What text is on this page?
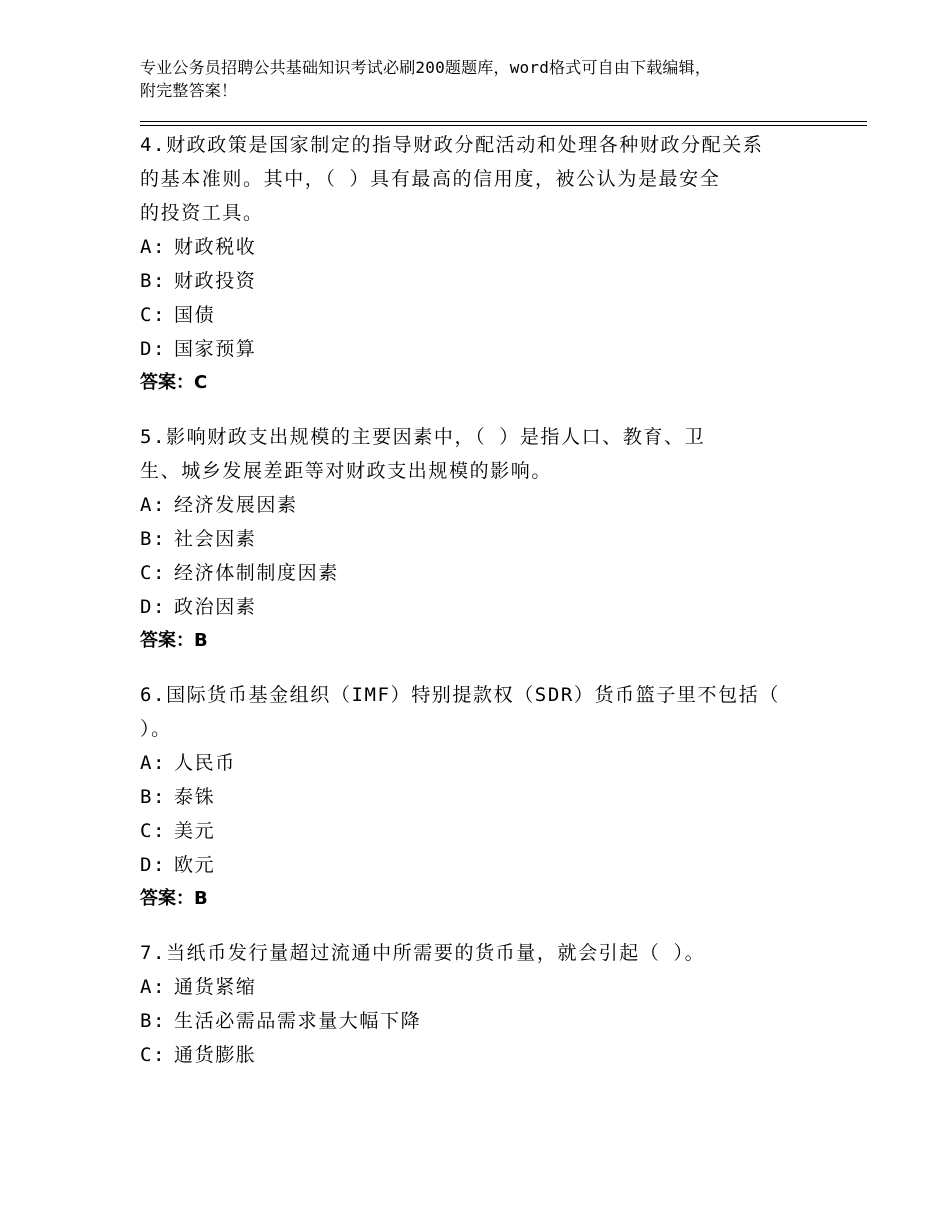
专业公务员招聘公共基础知识考试必刷200题题库，word格式可自由下载编辑，
附完整答案！
4.财政政策是国家制定的指导财政分配活动和处理各种财政分配关系
的基本准则。其中，（ ）具有最高的信用度，被公认为是最安全
的投资工具。
A: 财政税收
B: 财政投资
C: 国债
D: 国家预算
答案：C
5.影响财政支出规模的主要因素中，（ ）是指人口、教育、卫
生、城乡发展差距等对财政支出规模的影响。
A: 经济发展因素
B: 社会因素
C: 经济体制制度因素
D: 政治因素
答案：B
6.国际货币基金组织（IMF）特别提款权（SDR）货币篮子里不包括（
）。
A: 人民币
B: 泰铢
C: 美元
D: 欧元
答案：B
7.当纸币发行量超过流通中所需要的货币量，就会引起（ ）。
A: 通货紧缩
B: 生活必需品需求量大幅下降
C: 通货膨胀
